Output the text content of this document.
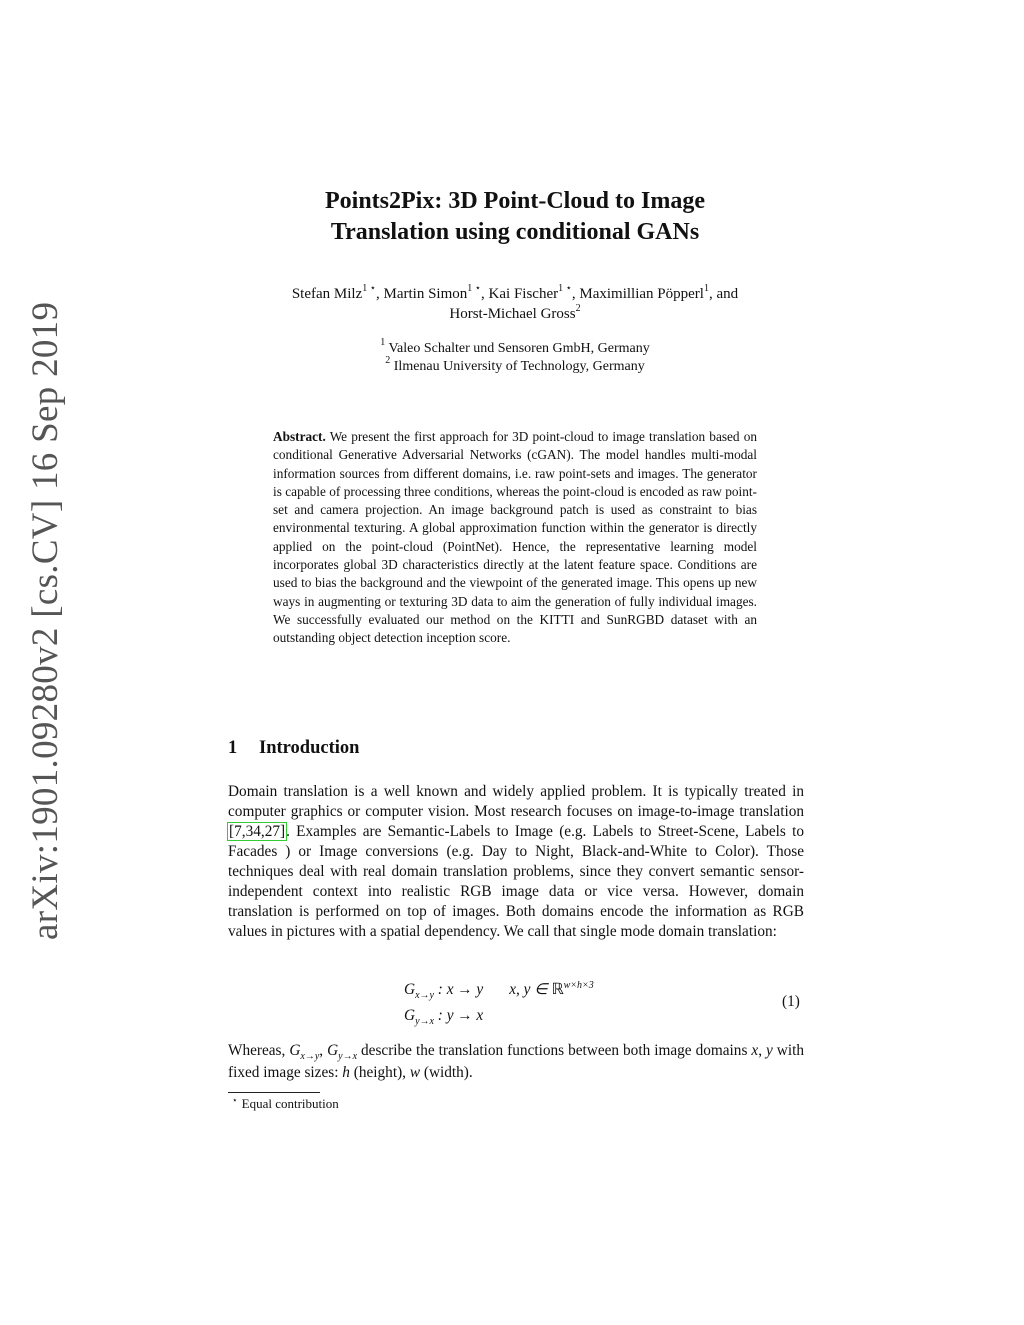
arXiv:1901.09280v2 [cs.CV] 16 Sep 2019
Points2Pix: 3D Point-Cloud to Image
Translation using conditional GANs
Stefan Milz$^{1 ⋆}$, Martin Simon$^{1 ⋆}$, Kai Fischer$^{1 ⋆}$, Maximillian Pöpperl$^1$, and
Horst-Michael Gross$^2$
$^1$ Valeo Schalter und Sensoren GmbH, Germany
$^2$ Ilmenau University of Technology, Germany
Abstract. We present the first approach for 3D point-cloud to image translation based on conditional Generative Adversarial Networks (cGAN). The model handles multi-modal information sources from different domains, i.e. raw point-sets and images. The generator is capable of processing three conditions, whereas the point-cloud is encoded as raw point-set and camera projection. An image background patch is used as constraint to bias environmental texturing. A global approximation function within the generator is directly applied on the point-cloud (PointNet). Hence, the representative learning model incorporates global 3D characteristics directly at the latent feature space. Conditions are used to bias the background and the viewpoint of the generated image. This opens up new ways in augmenting or texturing 3D data to aim the generation of fully individual images. We successfully evaluated our method on the KITTI and SunRGBD dataset with an outstanding object detection inception score.
1 Introduction
Domain translation is a well known and widely applied problem. It is typically treated in computer graphics or computer vision. Most research focuses on image-to-image translation [7,34,27]. Examples are Semantic-Labels to Image (e.g. Labels to Street-Scene, Labels to Facades ) or Image conversions (e.g. Day to Night, Black-and-White to Color). Those techniques deal with real domain translation problems, since they convert semantic sensor-independent context into realistic RGB image data or vice versa. However, domain translation is performed on top of images. Both domains encode the information as RGB values in pictures with a spatial dependency. We call that single mode domain translation:
$G_{x\to y}$ : x → y x, y ∈ ℝ$^{w\times h\times 3}$
$G_{y\to x}$ : y → x
(1)
Whereas, $G_{x\to y}$, $G_{y\to x}$ describe the translation functions between both image domains x, y with fixed image sizes: h (height), w (width).
⋆ Equal contribution
